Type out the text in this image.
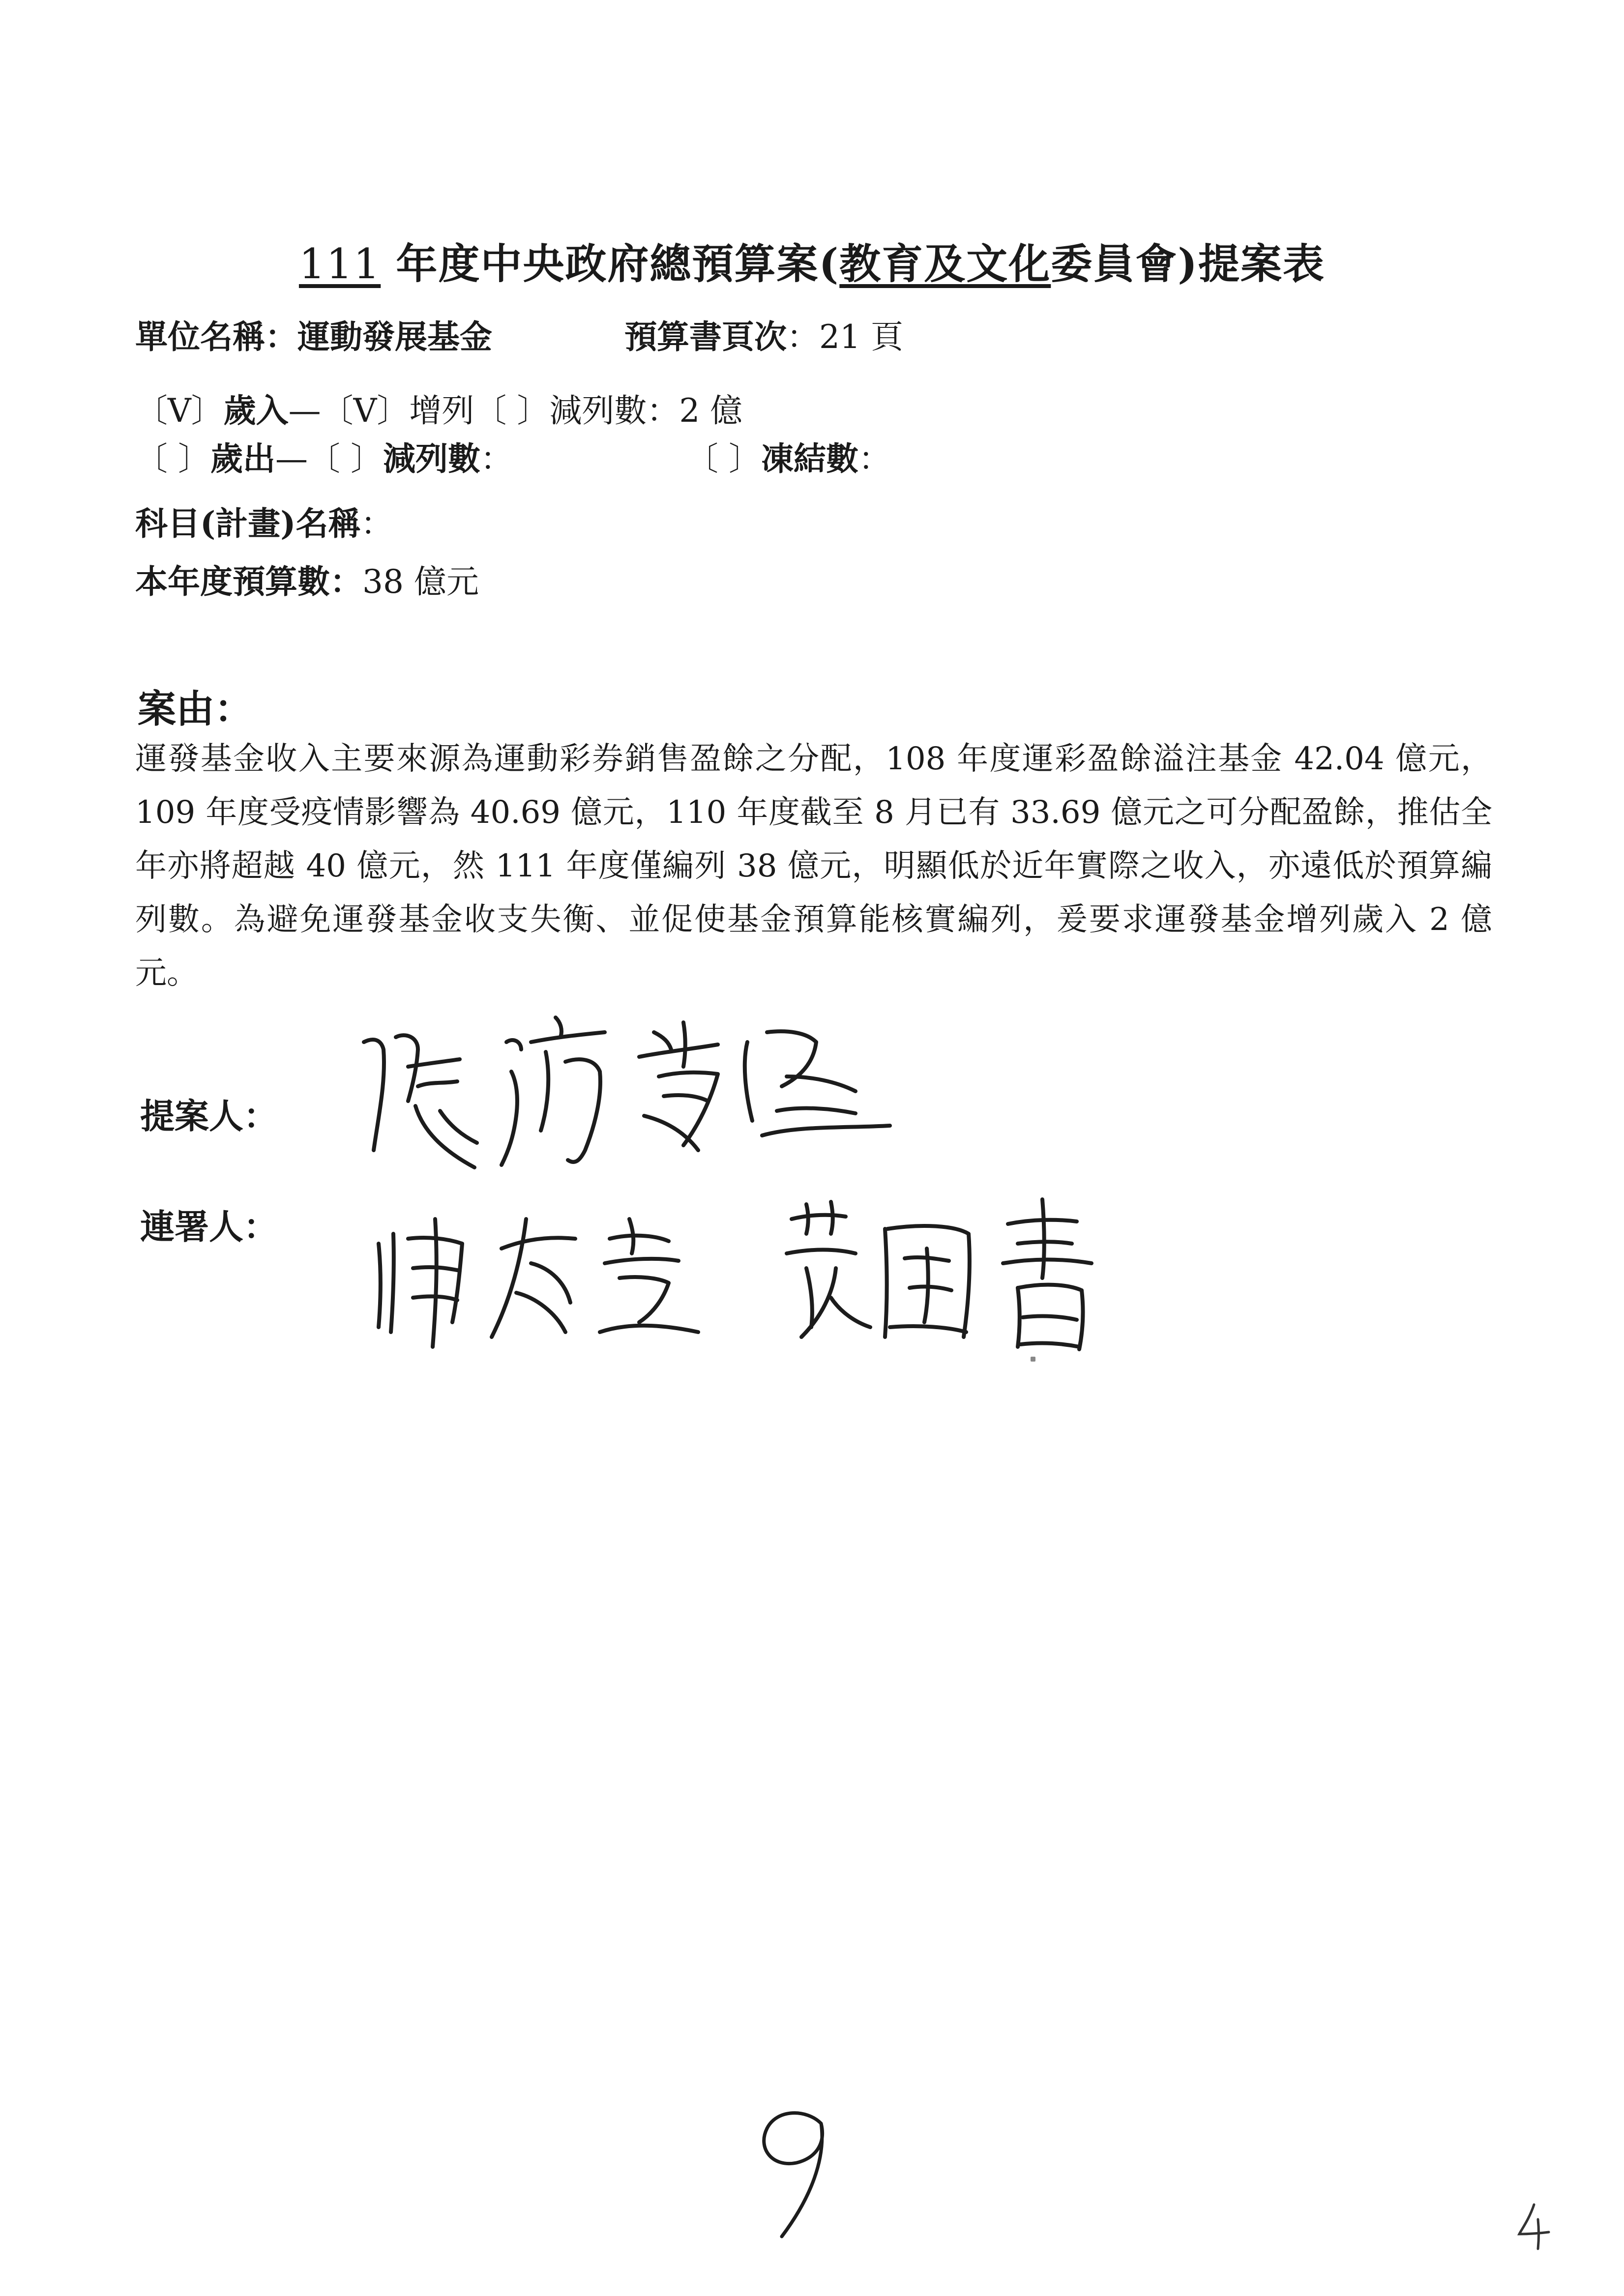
111 年度中央政府總預算案(教育及文化委員會)提案表
單位名稱：運動發展基金	預算書頁次：21 頁
〔V〕歲入—〔V〕增列〔 〕減列數：2 億
〔 〕歲出—〔 〕減列數：	〔 〕凍結數：
科目(計畫)名稱：
本年度預算數：38 億元
案由：
運發基金收入主要來源為運動彩券銷售盈餘之分配，108 年度運彩盈餘溢注基金 42.04 億元，109 年度受疫情影響為 40.69 億元，110 年度截至 8 月已有 33.69 億元之可分配盈餘，推估全年亦將超越 40 億元，然 111 年度僅編列 38 億元，明顯低於近年實際之收入，亦遠低於預算編列數。為避免運發基金收支失衡、並促使基金預算能核實編列，爰要求運發基金增列歲入 2 億元。
提案人：
連署人：
